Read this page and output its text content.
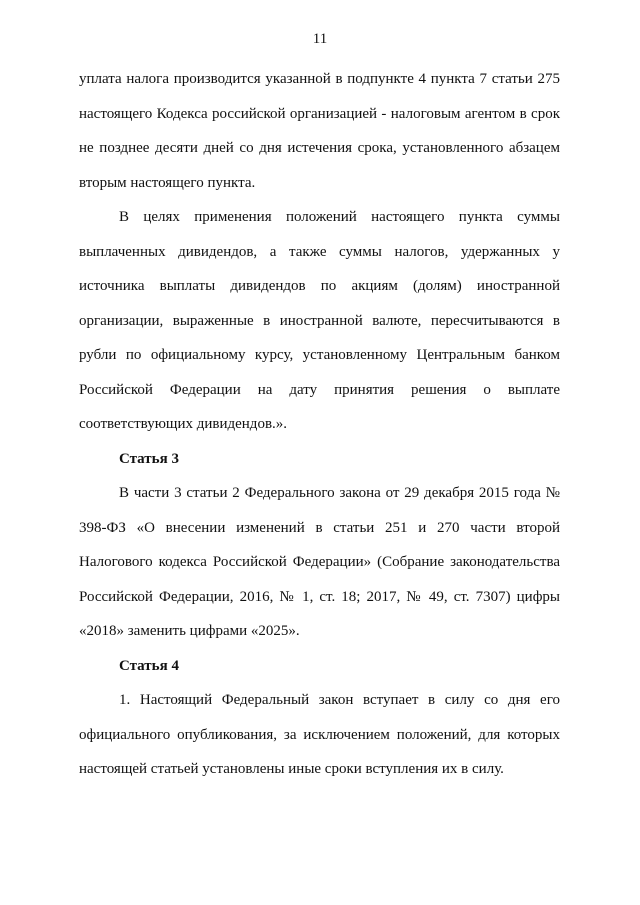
11

уплата налога производится указанной в подпункте 4 пункта 7 статьи 275 настоящего Кодекса российской организацией - налоговым агентом в срок не позднее десяти дней со дня истечения срока, установленного абзацем вторым настоящего пункта.

В целях применения положений настоящего пункта суммы выплаченных дивидендов, а также суммы налогов, удержанных у источника выплаты дивидендов по акциям (долям) иностранной организации, выраженные в иностранной валюте, пересчитываются в рубли по официальному курсу, установленному Центральным банком Российской Федерации на дату принятия решения о выплате соответствующих дивидендов.».

Статья 3

В части 3 статьи 2 Федерального закона от 29 декабря 2015 года № 398-ФЗ «О внесении изменений в статьи 251 и 270 части второй Налогового кодекса Российской Федерации» (Собрание законодательства Российской Федерации, 2016, № 1, ст. 18; 2017, № 49, ст. 7307) цифры «2018» заменить цифрами «2025».

Статья 4

1. Настоящий Федеральный закон вступает в силу со дня его официального опубликования, за исключением положений, для которых настоящей статьей установлены иные сроки вступления их в силу.
